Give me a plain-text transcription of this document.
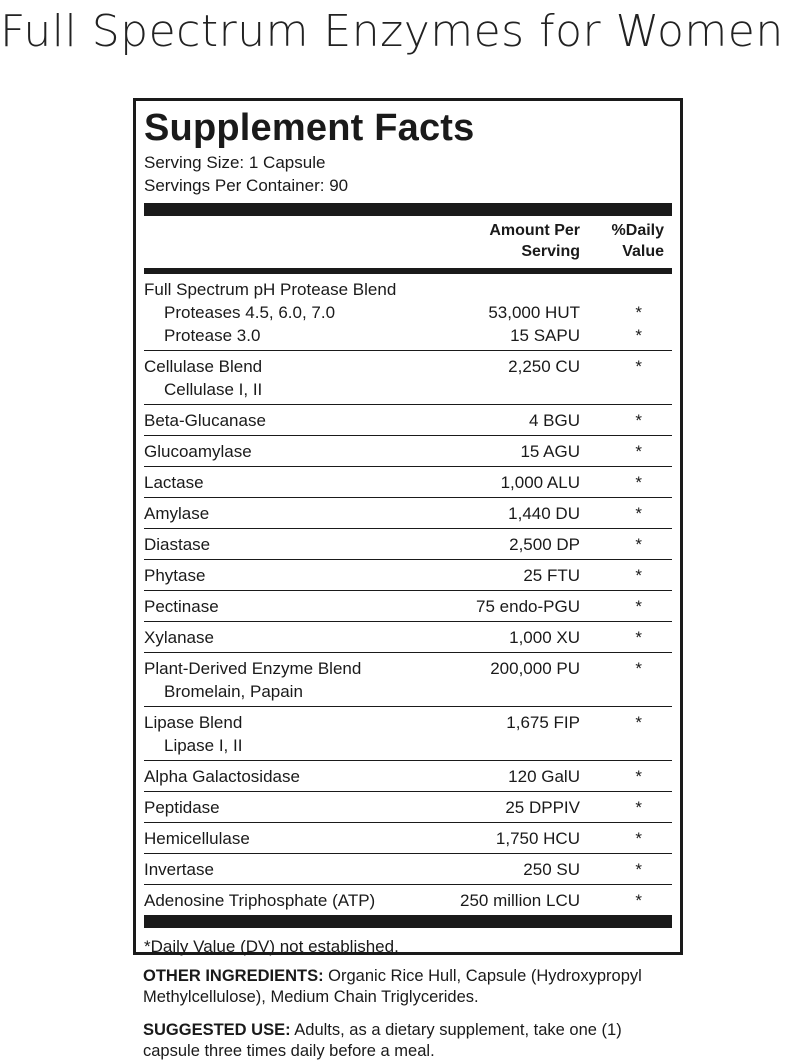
Full Spectrum Enzymes for Women
Supplement Facts
Serving Size: 1 Capsule
Servings Per Container: 90
Amount Per
Serving
%Daily
Value
Full Spectrum pH Protease Blend
Proteases 4.5, 6.0, 7.0	53,000 HUT	*
Protease 3.0	15 SAPU	*
Cellulase Blend	2,250 CU	*
Cellulase I, II
Beta-Glucanase	4 BGU	*
Glucoamylase	15 AGU	*
Lactase	1,000 ALU	*
Amylase	1,440 DU	*
Diastase	2,500 DP	*
Phytase	25 FTU	*
Pectinase	75 endo-PGU	*
Xylanase	1,000 XU	*
Plant-Derived Enzyme Blend	200,000 PU	*
Bromelain, Papain
Lipase Blend	1,675 FIP	*
Lipase I, II
Alpha Galactosidase	120 GalU	*
Peptidase	25 DPPIV	*
Hemicellulase	1,750 HCU	*
Invertase	250 SU	*
Adenosine Triphosphate (ATP)	250 million LCU	*
*Daily Value (DV) not established.
OTHER INGREDIENTS: Organic Rice Hull, Capsule (Hydroxypropyl
Methylcellulose), Medium Chain Triglycerides.
SUGGESTED USE: Adults, as a dietary supplement, take one (1)
capsule three times daily before a meal.
